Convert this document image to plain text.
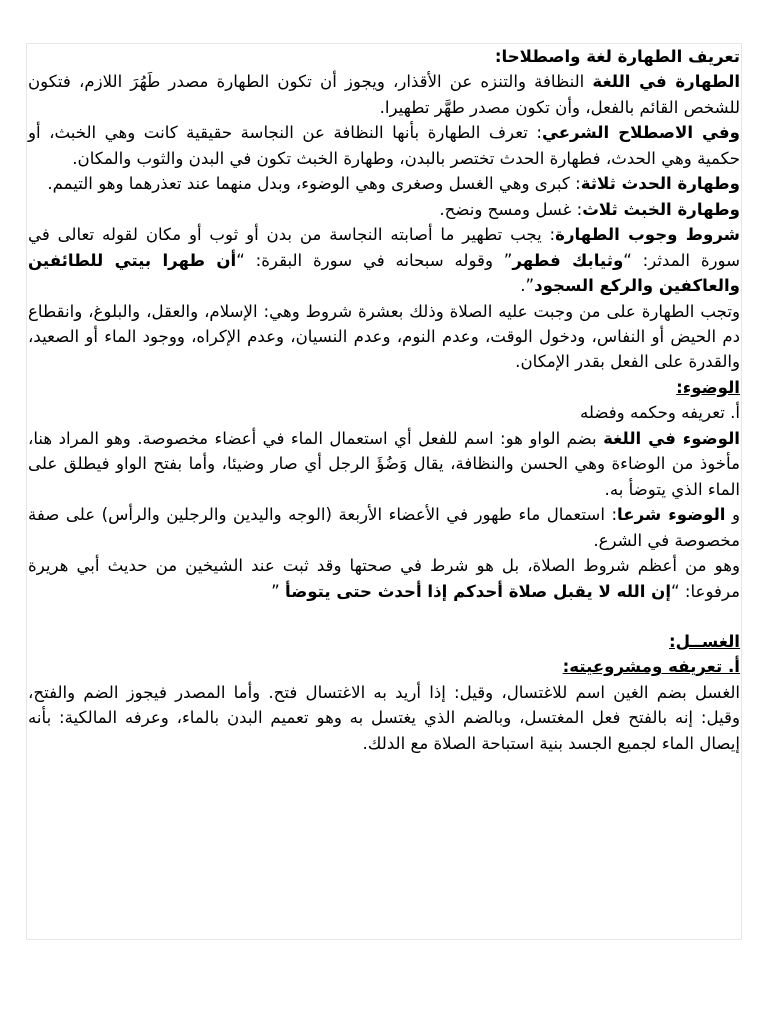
تعريف الطهارة لغة واصطلاحا:

الطهارة في اللغة النظافة والتنزه عن الأقذار، ويجوز أن تكون الطهارة مصدر طَهُرَ اللازم، فتكون للشخص القائم بالفعل، وأن تكون مصدر طهَّر تطهيرا.

وفي الاصطلاح الشرعي: تعرف الطهارة بأنها النظافة عن النجاسة حقيقية كانت وهي الخبث، أو حكمية وهي الحدث، فطهارة الحدث تختصر بالبدن، وطهارة الخبث تكون في البدن والثوب والمكان.

وطهارة الحدث ثلاثة: كبرى وهي الغسل وصغرى وهي الوضوء، وبدل منهما عند تعذرهما وهو التيمم.

وطهارة الخبث ثلاث: غسل ومسح ونضح.

شروط وجوب الطهارة: يجب تطهير ما أصابته النجاسة من بدن أو ثوب أو مكان لقوله تعالى في سورة المدثر: “وثيابك فطهر” وقوله سبحانه في سورة البقرة: “أن طهرا بيتي للطائفين والعاكفين والركع السجود”.

وتجب الطهارة على من وجبت عليه الصلاة وذلك بعشرة شروط وهي: الإسلام، والعقل، والبلوغ، وانقطاع دم الحيض أو النفاس، ودخول الوقت، وعدم النوم، وعدم النسيان، وعدم الإكراه، ووجود الماء أو الصعيد، والقدرة على الفعل بقدر الإمكان.

الوضوء:

أ. تعريفه وحكمه وفضله

الوضوء في اللغة بضم الواو هو: اسم للفعل أي استعمال الماء في أعضاء مخصوصة. وهو المراد هنا، مأخوذ من الوضاءة وهي الحسن والنظافة، يقال وَضُؤَ الرجل أي صار وضيئا، وأما بفتح الواو فيطلق على الماء الذي يتوضأ به.

و الوضوء شرعا: استعمال ماء طهور في الأعضاء الأربعة (الوجه واليدين والرجلين والرأس) على صفة مخصوصة في الشرع.

وهو من أعظم شروط الصلاة، بل هو شرط في صحتها وقد ثبت عند الشيخين من حديث أبي هريرة مرفوعا: “إن الله لا يقبل صلاة أحدكم إذا أحدث حتى يتوضأ ”

الغســل:

أ. تعريفه ومشروعيته:

الغسل بضم الغين اسم للاغتسال، وقيل: إذا أريد به الاغتسال فتح. وأما المصدر فيجوز الضم والفتح، وقيل: إنه بالفتح فعل المغتسل، وبالضم الذي يغتسل به وهو تعميم البدن بالماء، وعرفه المالكية: بأنه إيصال الماء لجميع الجسد بنية استباحة الصلاة مع الدلك.
